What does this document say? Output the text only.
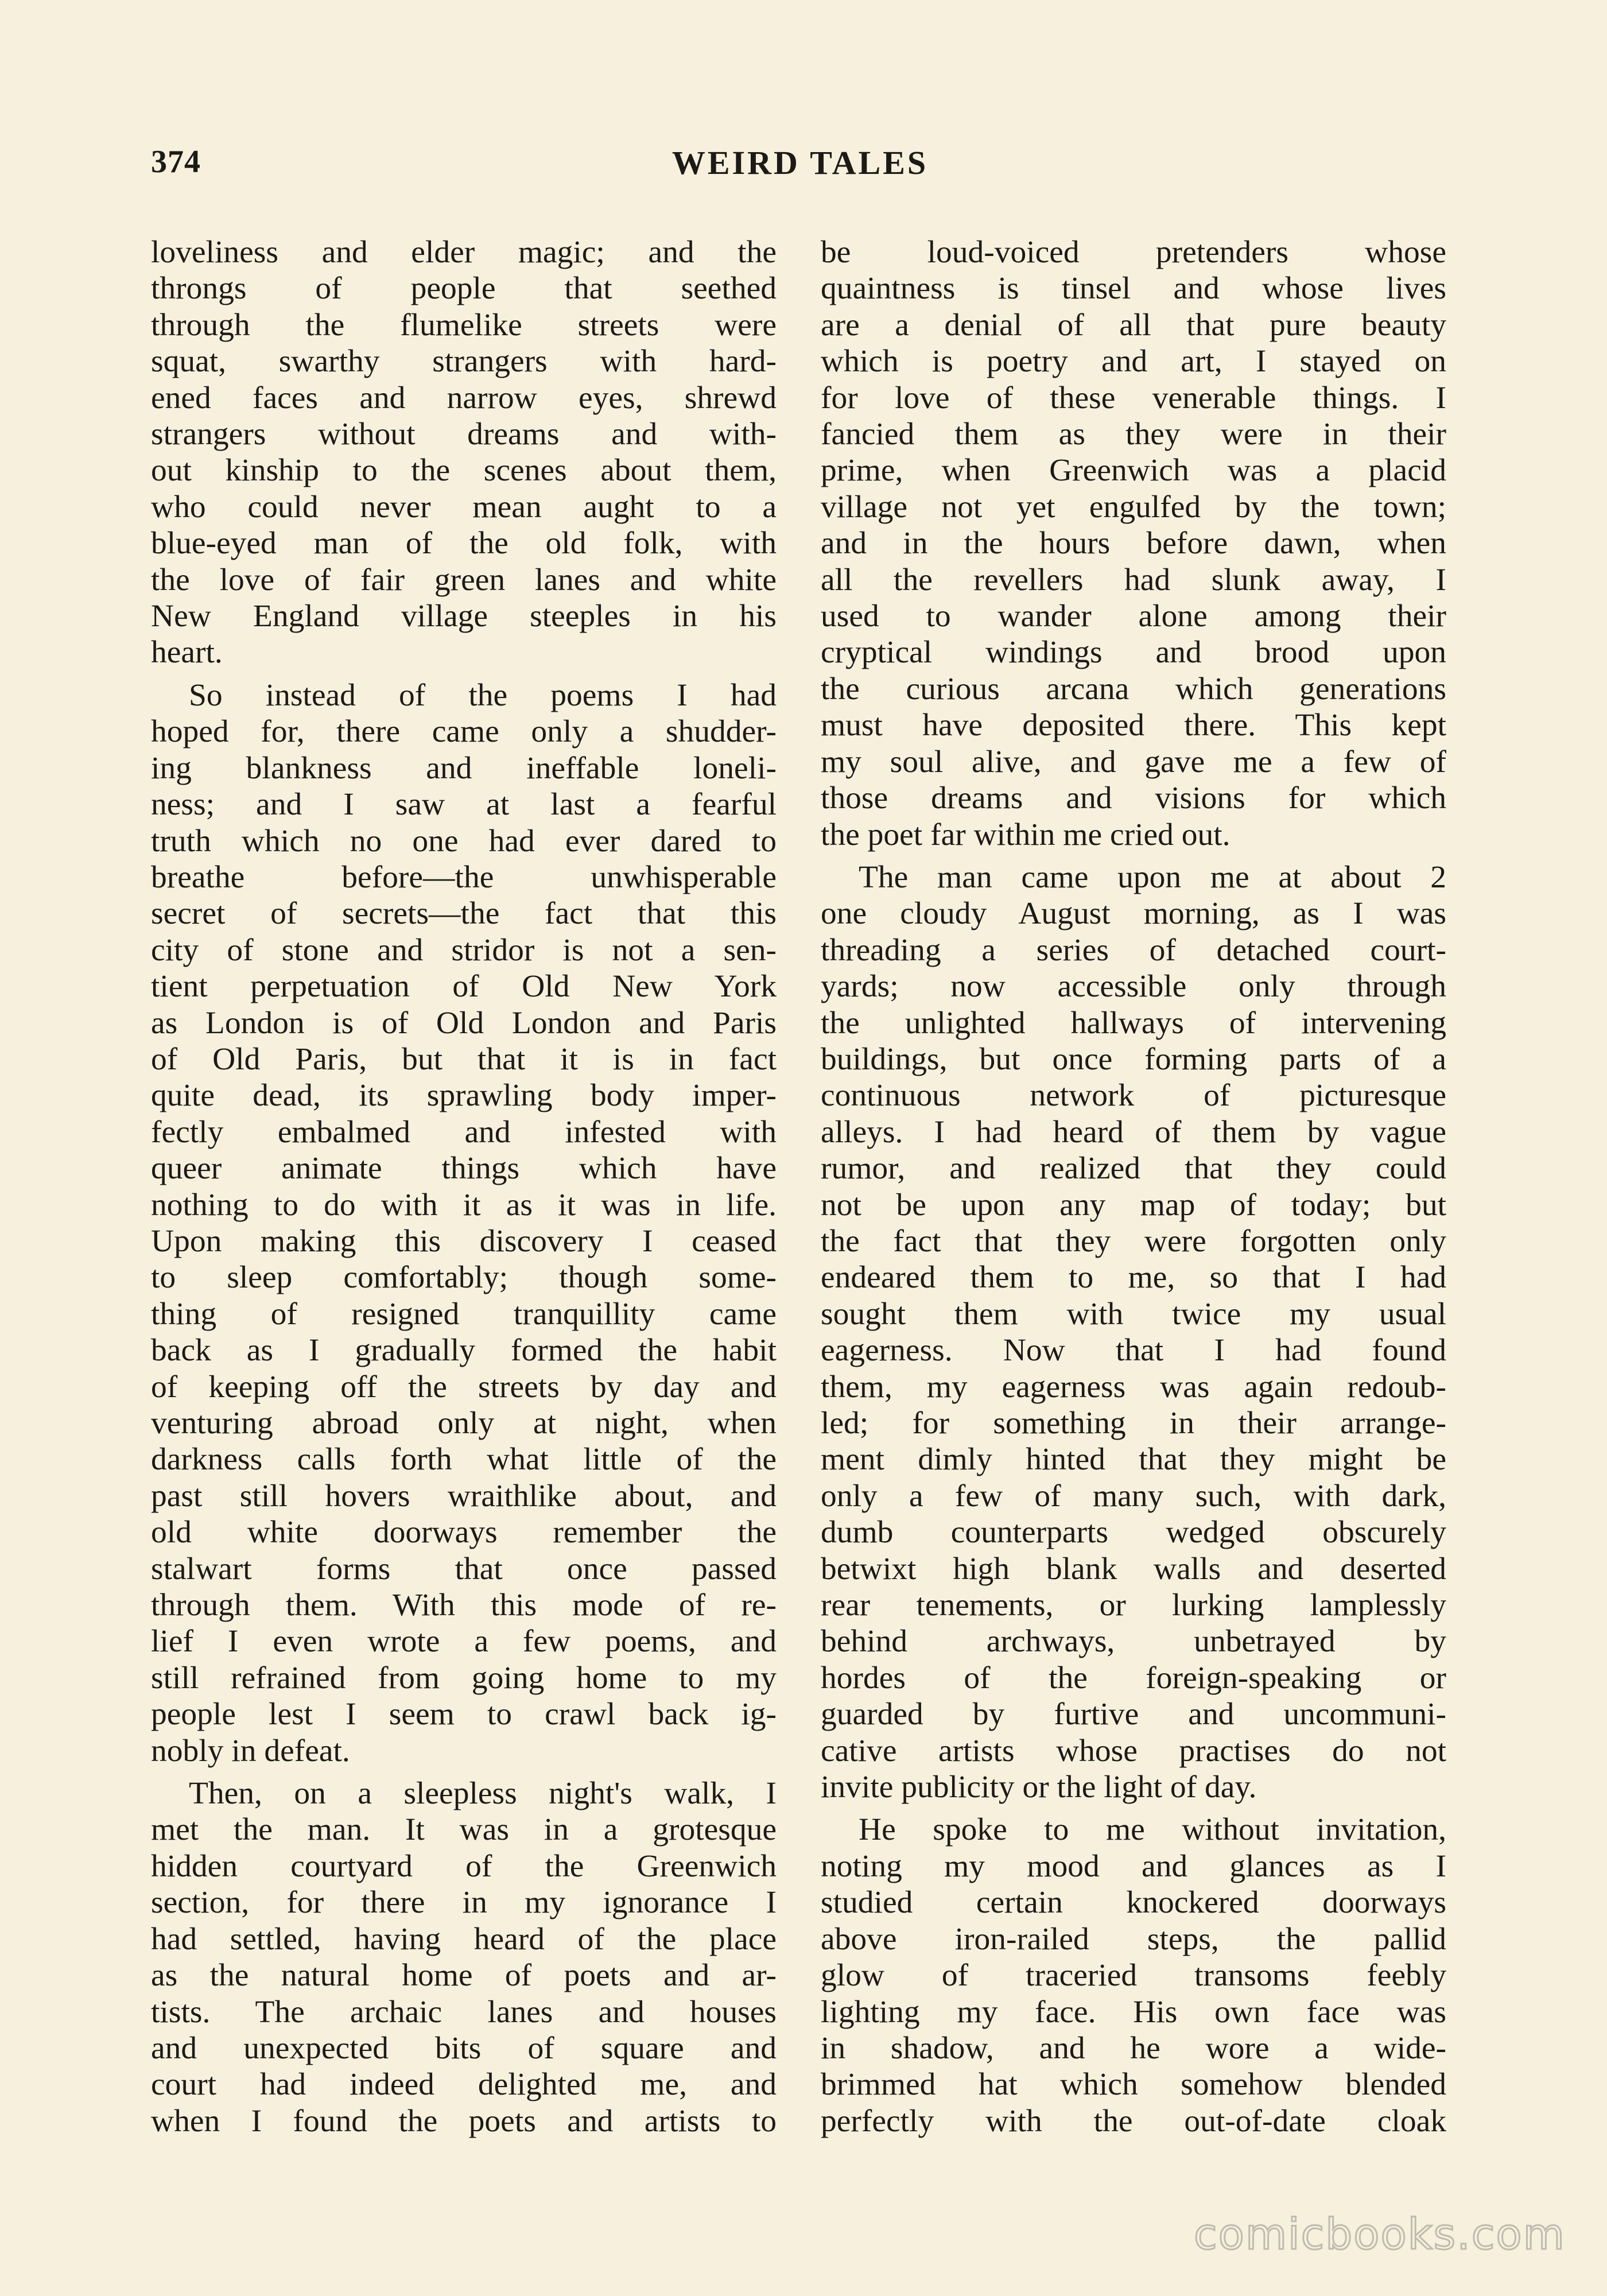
374	WEIRD TALES
loveliness and elder magic; and the
throngs of people that seethed
through the flumelike streets were
squat, swarthy strangers with hard-
ened faces and narrow eyes, shrewd
strangers without dreams and with-
out kinship to the scenes about them,
who could never mean aught to a
blue-eyed man of the old folk, with
the love of fair green lanes and white
New England village steeples in his
heart.
So instead of the poems I had
hoped for, there came only a shudder-
ing blankness and ineffable loneli-
ness; and I saw at last a fearful
truth which no one had ever dared to
breathe before—the unwhisperable
secret of secrets—the fact that this
city of stone and stridor is not a sen-
tient perpetuation of Old New York
as London is of Old London and Paris
of Old Paris, but that it is in fact
quite dead, its sprawling body imper-
fectly embalmed and infested with
queer animate things which have
nothing to do with it as it was in life.
Upon making this discovery I ceased
to sleep comfortably; though some-
thing of resigned tranquillity came
back as I gradually formed the habit
of keeping off the streets by day and
venturing abroad only at night, when
darkness calls forth what little of the
past still hovers wraithlike about, and
old white doorways remember the
stalwart forms that once passed
through them. With this mode of re-
lief I even wrote a few poems, and
still refrained from going home to my
people lest I seem to crawl back ig-
nobly in defeat.
Then, on a sleepless night's walk, I
met the man. It was in a grotesque
hidden courtyard of the Greenwich
section, for there in my ignorance I
had settled, having heard of the place
as the natural home of poets and ar-
tists. The archaic lanes and houses
and unexpected bits of square and
court had indeed delighted me, and
when I found the poets and artists to
be loud-voiced pretenders whose
quaintness is tinsel and whose lives
are a denial of all that pure beauty
which is poetry and art, I stayed on
for love of these venerable things. I
fancied them as they were in their
prime, when Greenwich was a placid
village not yet engulfed by the town;
and in the hours before dawn, when
all the revellers had slunk away, I
used to wander alone among their
cryptical windings and brood upon
the curious arcana which generations
must have deposited there. This kept
my soul alive, and gave me a few of
those dreams and visions for which
the poet far within me cried out.
The man came upon me at about 2
one cloudy August morning, as I was
threading a series of detached court-
yards; now accessible only through
the unlighted hallways of intervening
buildings, but once forming parts of a
continuous network of picturesque
alleys. I had heard of them by vague
rumor, and realized that they could
not be upon any map of today; but
the fact that they were forgotten only
endeared them to me, so that I had
sought them with twice my usual
eagerness. Now that I had found
them, my eagerness was again redoub-
led; for something in their arrange-
ment dimly hinted that they might be
only a few of many such, with dark,
dumb counterparts wedged obscurely
betwixt high blank walls and deserted
rear tenements, or lurking lamplessly
behind archways, unbetrayed by
hordes of the foreign-speaking or
guarded by furtive and uncommuni-
cative artists whose practises do not
invite publicity or the light of day.
He spoke to me without invitation,
noting my mood and glances as I
studied certain knockered doorways
above iron-railed steps, the pallid
glow of traceried transoms feebly
lighting my face. His own face was
in shadow, and he wore a wide-
brimmed hat which somehow blended
perfectly with the out-of-date cloak
comicbooks.com
